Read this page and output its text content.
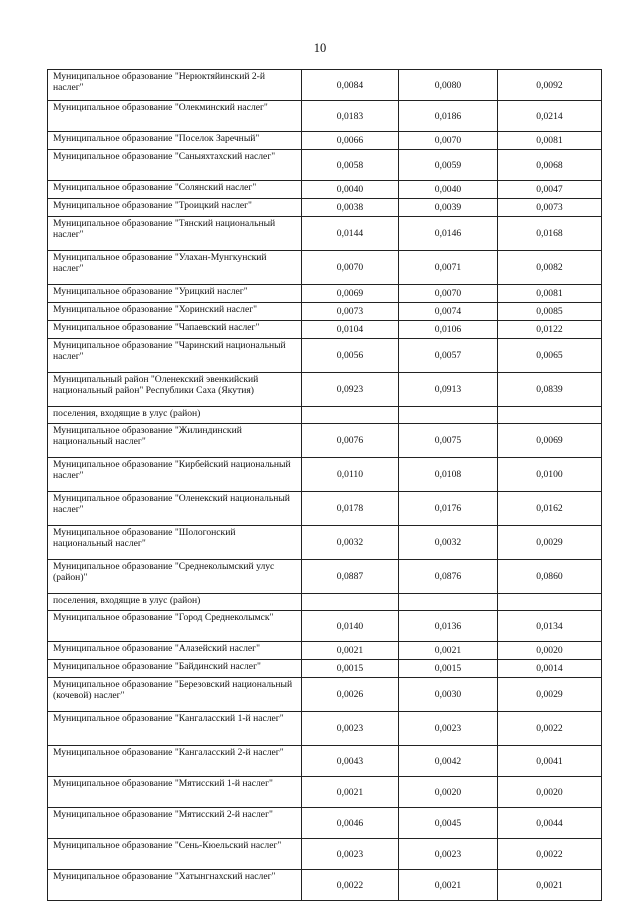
10
Муниципальное образование "Нерюктяйинский 2-й наслег"	0,0084	0,0080	0,0092
Муниципальное образование "Олекминский наслег"	0,0183	0,0186	0,0214
Муниципальное образование "Поселок Заречный"	0,0066	0,0070	0,0081
Муниципальное образование "Саныяхтахский наслег"	0,0058	0,0059	0,0068
Муниципальное образование "Солянский наслег"	0,0040	0,0040	0,0047
Муниципальное образование "Троицкий наслег"	0,0038	0,0039	0,0073
Муниципальное образование "Тянский национальный наслег"	0,0144	0,0146	0,0168
Муниципальное образование "Улахан-Мунгкунский наслег"	0,0070	0,0071	0,0082
Муниципальное образование "Урицкий наслег"	0,0069	0,0070	0,0081
Муниципальное образование "Хоринский наслег"	0,0073	0,0074	0,0085
Муниципальное образование "Чапаевский наслег"	0,0104	0,0106	0,0122
Муниципальное образование "Чаринский национальный наслег"	0,0056	0,0057	0,0065
Муниципальный район "Оленекский эвенкийский национальный район" Республики Саха (Якутия)	0,0923	0,0913	0,0839
поселения, входящие в улус (район)			
Муниципальное образование "Жилиндинский национальный наслег"	0,0076	0,0075	0,0069
Муниципальное образование "Кирбейский национальный наслег"	0,0110	0,0108	0,0100
Муниципальное образование "Оленекский национальный наслег"	0,0178	0,0176	0,0162
Муниципальное образование "Шологонский национальный наслег"	0,0032	0,0032	0,0029
Муниципальное образование "Среднеколымский улус (район)"	0,0887	0,0876	0,0860
поселения, входящие в улус (район)			
Муниципальное образование "Город Среднеколымск"	0,0140	0,0136	0,0134
Муниципальное образование "Алазейский наслег"	0,0021	0,0021	0,0020
Муниципальное образование "Байдинский наслег"	0,0015	0,0015	0,0014
Муниципальное образование "Березовский национальный (кочевой) наслег"	0,0026	0,0030	0,0029
Муниципальное образование "Кангаласский 1-й наслег"	0,0023	0,0023	0,0022
Муниципальное образование "Кангаласский 2-й наслег"	0,0043	0,0042	0,0041
Муниципальное образование "Мятисский 1-й наслег"	0,0021	0,0020	0,0020
Муниципальное образование "Мятисский 2-й наслег"	0,0046	0,0045	0,0044
Муниципальное образование "Сень-Кюельский наслег"	0,0023	0,0023	0,0022
Муниципальное образование "Хатынгнахский наслег"	0,0022	0,0021	0,0021
